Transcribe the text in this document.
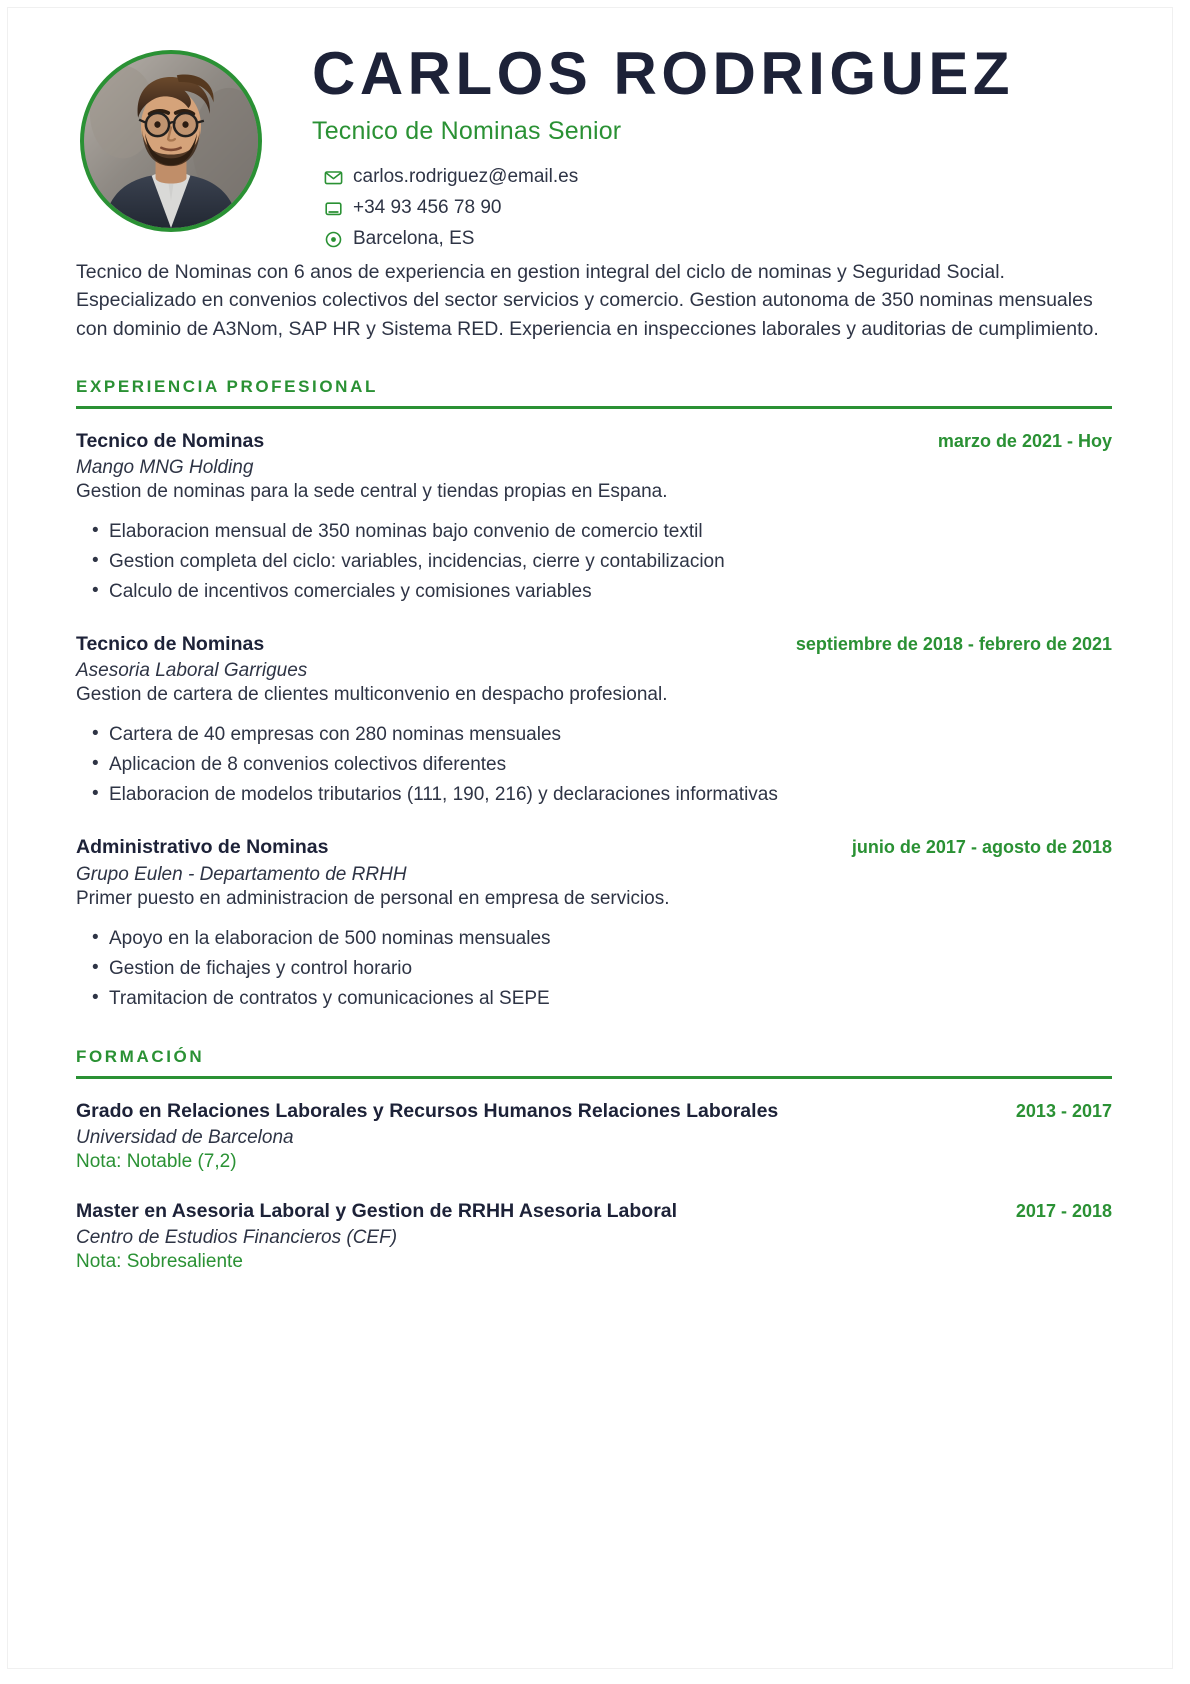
CARLOS RODRIGUEZ
Tecnico de Nominas Senior
carlos.rodriguez@email.es
+34 93 456 78 90
Barcelona, ES

Tecnico de Nominas con 6 anos de experiencia en gestion integral del ciclo de nominas y Seguridad Social. Especializado en convenios colectivos del sector servicios y comercio. Gestion autonoma de 350 nominas mensuales con dominio de A3Nom, SAP HR y Sistema RED. Experiencia en inspecciones laborales y auditorias de cumplimiento.

EXPERIENCIA PROFESIONAL
Tecnico de Nominas	marzo de 2021 - Hoy
Mango MNG Holding
Gestion de nominas para la sede central y tiendas propias en Espana.
• Elaboracion mensual de 350 nominas bajo convenio de comercio textil
• Gestion completa del ciclo: variables, incidencias, cierre y contabilizacion
• Calculo de incentivos comerciales y comisiones variables
Tecnico de Nominas	septiembre de 2018 - febrero de 2021
Asesoria Laboral Garrigues
Gestion de cartera de clientes multiconvenio en despacho profesional.
• Cartera de 40 empresas con 280 nominas mensuales
• Aplicacion de 8 convenios colectivos diferentes
• Elaboracion de modelos tributarios (111, 190, 216) y declaraciones informativas
Administrativo de Nominas	junio de 2017 - agosto de 2018
Grupo Eulen - Departamento de RRHH
Primer puesto en administracion de personal en empresa de servicios.
• Apoyo en la elaboracion de 500 nominas mensuales
• Gestion de fichajes y control horario
• Tramitacion de contratos y comunicaciones al SEPE
FORMACIÓN
Grado en Relaciones Laborales y Recursos Humanos Relaciones Laborales	2013 - 2017
Universidad de Barcelona
Nota: Notable (7,2)
Master en Asesoria Laboral y Gestion de RRHH Asesoria Laboral	2017 - 2018
Centro de Estudios Financieros (CEF)
Nota: Sobresaliente
